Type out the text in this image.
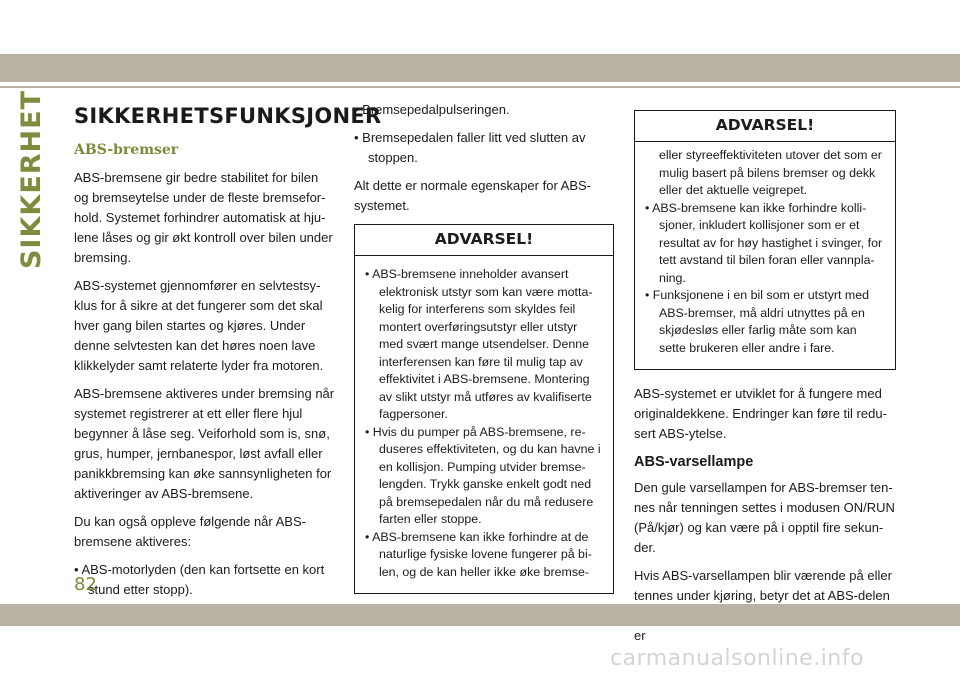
SIKKERHET SIKKERHETSFUNKSJONER
ABS-bremser

ABS-bremsene gir bedre stabilitet for bilen og bremseytelse under de fleste bremsefor-hold. Systemet forhindrer automatisk at hju-lene låses og gir økt kontroll over bilen under bremsing.

ABS-systemet gjennomfører en selvtestsy-klus for å sikre at det fungerer som det skal hver gang bilen startes og kjøres. Under denne selvtesten kan det høres noen lave klikkelyder samt relaterte lyder fra motoren.

ABS-bremsene aktiveres under bremsing når systemet registrerer at ett eller flere hjul begynner å låse seg. Veiforhold som is, snø, grus, humper, jernbanespor, løst avfall eller panikkbremsing kan øke sannsynligheten for aktiveringer av ABS-bremsene.

Du kan også oppleve følgende når ABS-bremsene aktiveres:

• ABS-motorlyden (den kan fortsette en kort stund etter stopp).

• Bremsepedalpulseringen.

• Bremsepedalen faller litt ved slutten av stoppen.

Alt dette er normale egenskaper for ABS-systemet.

ADVARSEL!

• ABS-bremsene inneholder avansert elektronisk utstyr som kan være motta-kelig for interferens som skyldes feil montert overføringsutstyr eller utstyr med svært mange utsendelser. Denne interferensen kan føre til mulig tap av effektivitet i ABS-bremsene. Montering av slikt utstyr må utføres av kvalifiserte fagpersoner.

• Hvis du pumper på ABS-bremsene, re-duseres effektiviteten, og du kan havne i en kollisjon. Pumping utvider bremse-lengden. Trykk ganske enkelt godt ned på bremsepedalen når du må redusere farten eller stoppe.

• ABS-bremsene kan ikke forhindre at de naturlige fysiske lovene fungerer på bi-len, og de kan heller ikke øke bremse-

ADVARSEL!

eller styreeffektiviteten utover det som er mulig basert på bilens bremser og dekk eller det aktuelle veigrepet.

• ABS-bremsene kan ikke forhindre kolli-sjoner, inkludert kollisjoner som er et resultat av for høy hastighet i svinger, for tett avstand til bilen foran eller vannpla-ning.

• Funksjonene i en bil som er utstyrt med ABS-bremser, må aldri utnyttes på en skjødesløs eller farlig måte som kan sette brukeren eller andre i fare.

ABS-systemet er utviklet for å fungere med originaldekkene. Endringer kan føre til redu-sert ABS-ytelse.

ABS-varsellampe

Den gule varsellampen for ABS-bremser ten-nes når tenningen settes i modusen ON/RUN (På/kjør) og kan være på i opptil fire sekun-der.

Hvis ABS-varsellampen blir værende på eller tennes under kjøring, betyr det at ABS-delen er

82
carmanualsonline.info
